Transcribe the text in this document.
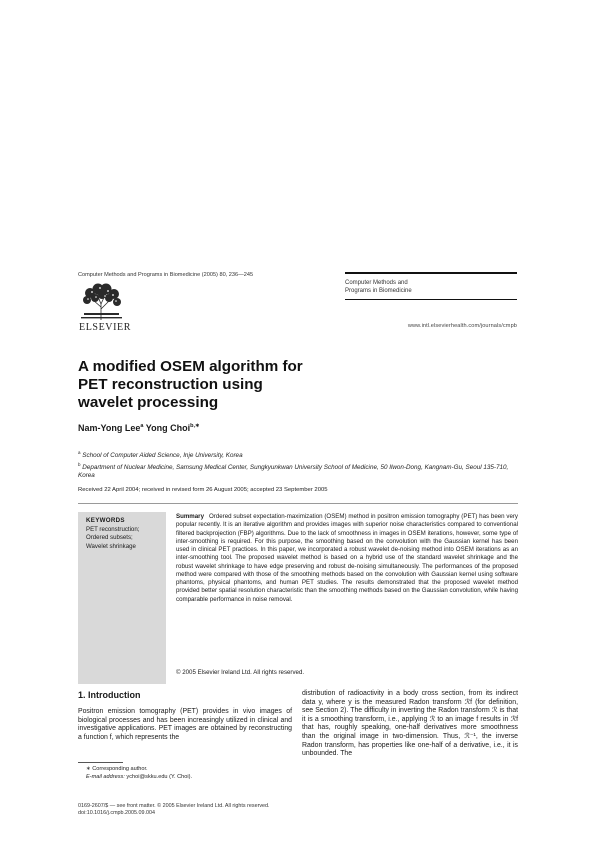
Computer Methods and Programs in Biomedicine (2005) 80, 236—245
ELSEVIER
Computer Methods and
Programs in Biomedicine
www.intl.elsevierhealth.com/journals/cmpb
A modified OSEM algorithm for
PET reconstruction using
wavelet processing
Nam-Yong Lee$^a$ Yong Choi$^{b,∗}$
$^a$ School of Computer Aided Science, Inje University, Korea
$^b$ Department of Nuclear Medicine, Samsung Medical Center, Sungkyunkwan University School of Medicine, 50 Ilwon-Dong, Kangnam-Gu, Seoul 135-710, Korea
Received 22 April 2004; received in revised form 26 August 2005; accepted 23 September 2005
KEYWORDS
PET reconstruction;
Ordered subsets;
Wavelet shrinkage
Summary Ordered subset expectation-maximization (OSEM) method in positron emission tomography (PET) has been very popular recently. It is an iterative algorithm and provides images with superior noise characteristics compared to conventional filtered backprojection (FBP) algorithms. Due to the lack of smoothness in images in OSEM iterations, however, some type of inter-smoothing is required. For this purpose, the smoothing based on the convolution with the Gaussian kernel has been used in clinical PET practices. In this paper, we incorporated a robust wavelet de-noising method into OSEM iterations as an inter-smoothing tool. The proposed wavelet method is based on a hybrid use of the standard wavelet shrinkage and the robust wavelet shrinkage to have edge preserving and robust de-noising simultaneously. The performances of the proposed method were compared with those of the smoothing methods based on the convolution with Gaussian kernel using software phantoms, physical phantoms, and human PET studies. The results demonstrated that the proposed wavelet method provided better spatial resolution characteristic than the smoothing methods based on the Gaussian convolution, while having comparable performance in noise removal.
© 2005 Elsevier Ireland Ltd. All rights reserved.
1. Introduction
Positron emission tomography (PET) provides in vivo images of biological processes and has been increasingly utilized in clinical and investigative applications. PET images are obtained by reconstructing a function f, which represents the
distribution of radioactivity in a body cross section, from its indirect data y, where y is the measured Radon transform ℛf (for definition, see Section 2). The difficulty in inverting the Radon transform ℛ is that it is a smoothing transform, i.e., applying ℛ to an image f results in ℛf that has, roughly speaking, one-half derivatives more smoothness than the original image in two-dimension. Thus, ℛ⁻¹, the inverse Radon transform, has properties like one-half of a derivative, i.e., it is unbounded. The
∗ Corresponding author.
E-mail address: ychoi@skku.edu (Y. Choi).
0169-2607/$ — see front matter. © 2005 Elsevier Ireland Ltd. All rights reserved.
doi:10.1016/j.cmpb.2005.09.004
